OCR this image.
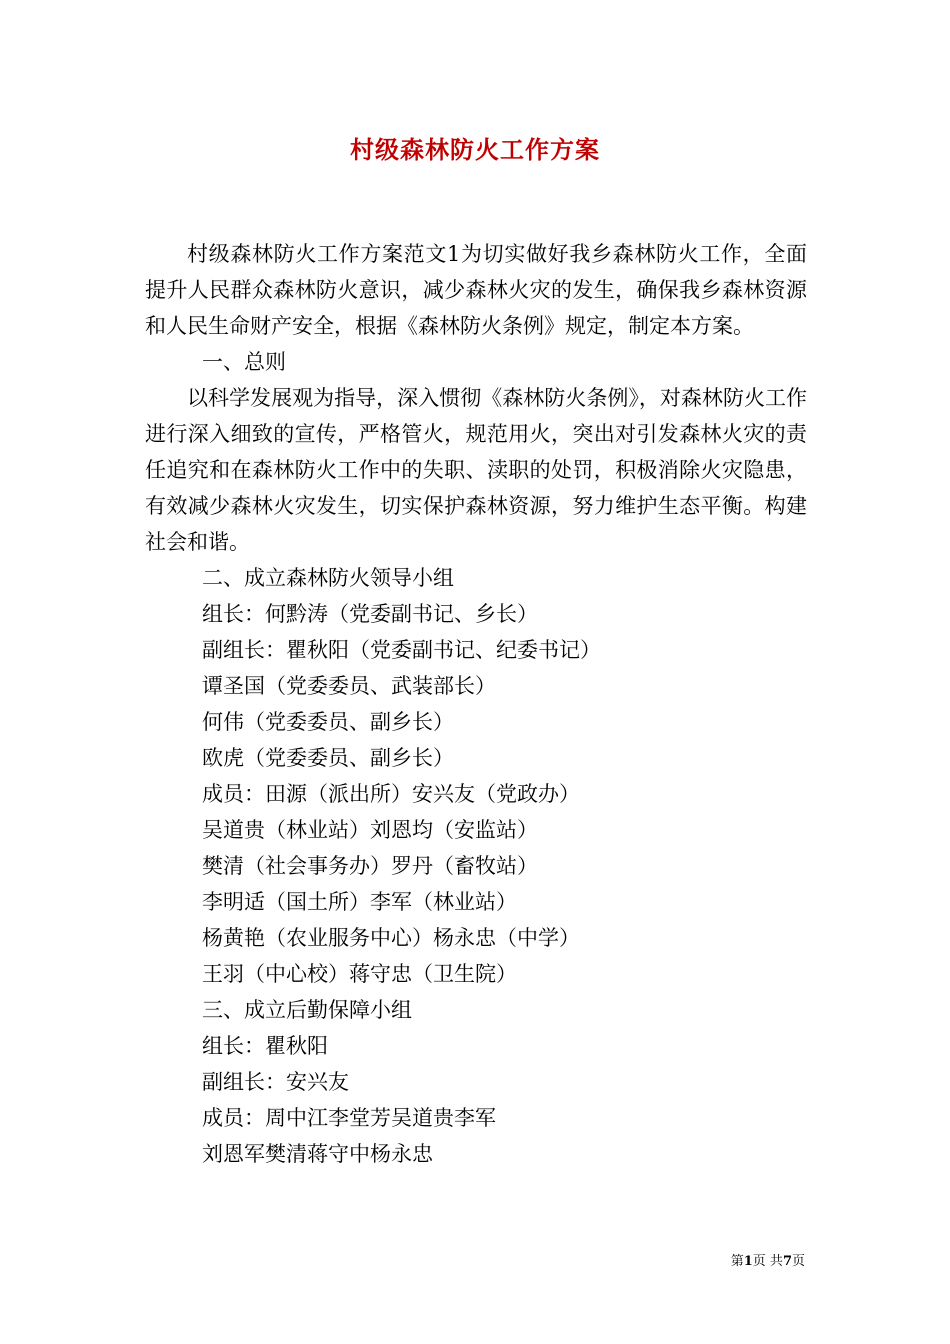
村级森林防火工作方案

村级森林防火工作方案范文1为切实做好我乡森林防火工作，全面提升人民群众森林防火意识，减少森林火灾的发生，确保我乡森林资源和人民生命财产安全，根据《森林防火条例》规定，制定本方案。

一、总则

以科学发展观为指导，深入惯彻《森林防火条例》，对森林防火工作进行深入细致的宣传，严格管火，规范用火，突出对引发森林火灾的责任追究和在森林防火工作中的失职、渎职的处罚，积极消除火灾隐患，有效减少森林火灾发生，切实保护森林资源，努力维护生态平衡。构建社会和谐。

二、成立森林防火领导小组

组长：何黔涛（党委副书记、乡长）

副组长：瞿秋阳（党委副书记、纪委书记）

谭圣国（党委委员、武装部长）

何伟（党委委员、副乡长）

欧虎（党委委员、副乡长）

成员：田源（派出所）安兴友（党政办）

吴道贵（林业站）刘恩均（安监站）

樊清（社会事务办）罗丹（畜牧站）

李明适（国土所）李军（林业站）

杨黄艳（农业服务中心）杨永忠（中学）

王羽（中心校）蒋守忠（卫生院）

三、成立后勤保障小组

组长：瞿秋阳

副组长：安兴友

成员：周中江李堂芳吴道贵李军

刘恩军樊清蒋守中杨永忠

第1页 共7页
